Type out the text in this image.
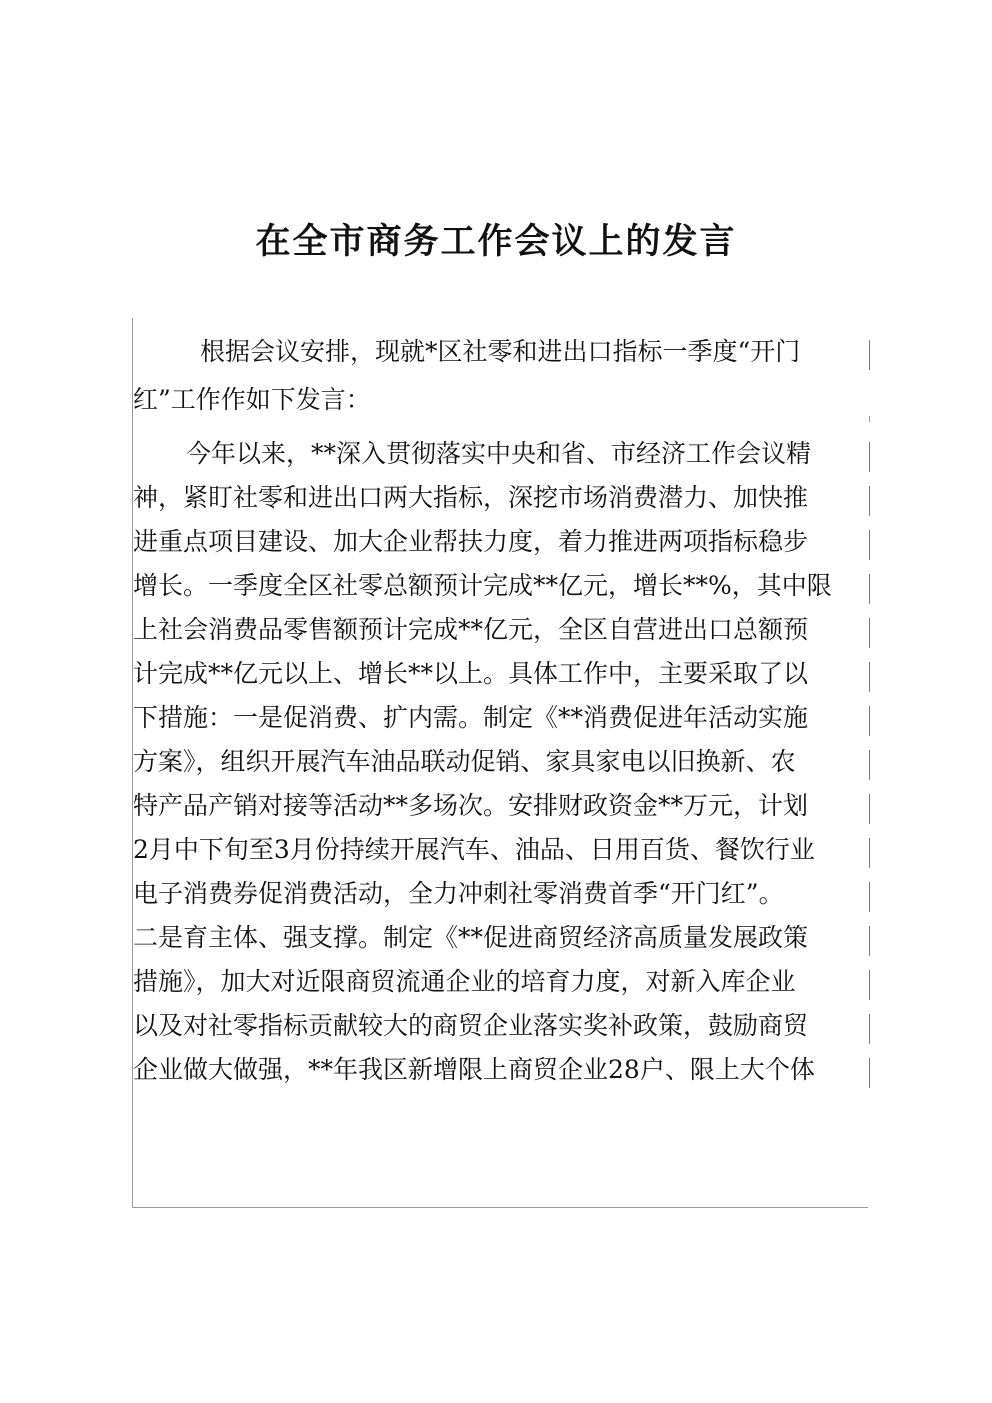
在全市商务工作会议上的发言
根据会议安排，现就*区社零和进出口指标一季度“开门
红”工作作如下发言：
今年以来，**深入贯彻落实中央和省、市经济工作会议精
神，紧盯社零和进出口两大指标，深挖市场消费潜力、加快推
进重点项目建设、加大企业帮扶力度，着力推进两项指标稳步
增长。一季度全区社零总额预计完成**亿元，增长**%，其中限
上社会消费品零售额预计完成**亿元，全区自营进出口总额预
计完成**亿元以上、增长**以上。具体工作中，主要采取了以
下措施：一是促消费、扩内需。制定《**消费促进年活动实施
方案》，组织开展汽车油品联动促销、家具家电以旧换新、农
特产品产销对接等活动**多场次。安排财政资金**万元，计划
2月中下旬至3月份持续开展汽车、油品、日用百货、餐饮行业
电子消费券促消费活动，全力冲刺社零消费首季“开门红”。
二是育主体、强支撑。制定《**促进商贸经济高质量发展政策
措施》，加大对近限商贸流通企业的培育力度，对新入库企业
以及对社零指标贡献较大的商贸企业落实奖补政策，鼓励商贸
企业做大做强，**年我区新增限上商贸企业28户、限上大个体
